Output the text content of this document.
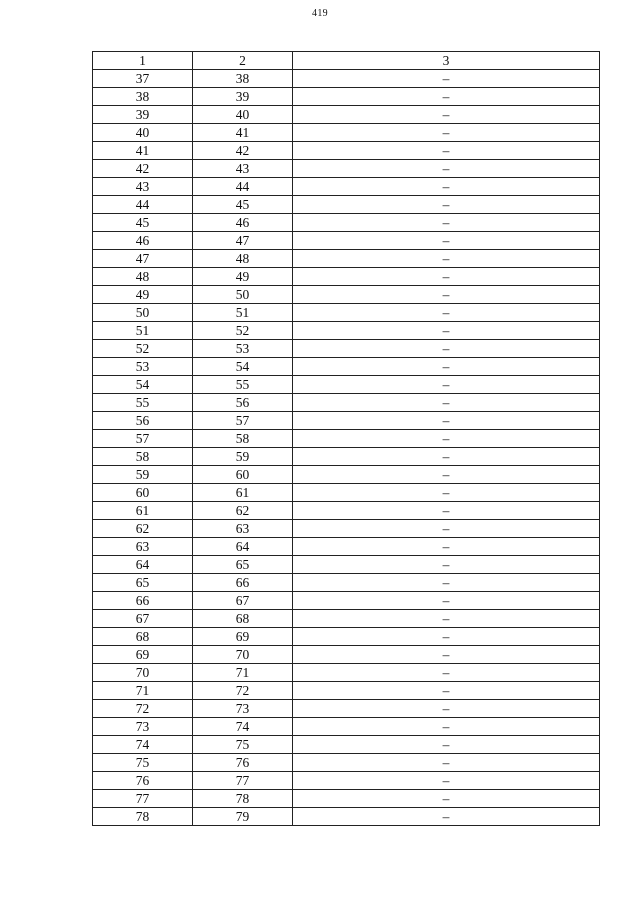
419
1	2	3
37	38	–
38	39	–
39	40	–
40	41	–
41	42	–
42	43	–
43	44	–
44	45	–
45	46	–
46	47	–
47	48	–
48	49	–
49	50	–
50	51	–
51	52	–
52	53	–
53	54	–
54	55	–
55	56	–
56	57	–
57	58	–
58	59	–
59	60	–
60	61	–
61	62	–
62	63	–
63	64	–
64	65	–
65	66	–
66	67	–
67	68	–
68	69	–
69	70	–
70	71	–
71	72	–
72	73	–
73	74	–
74	75	–
75	76	–
76	77	–
77	78	–
78	79	–
